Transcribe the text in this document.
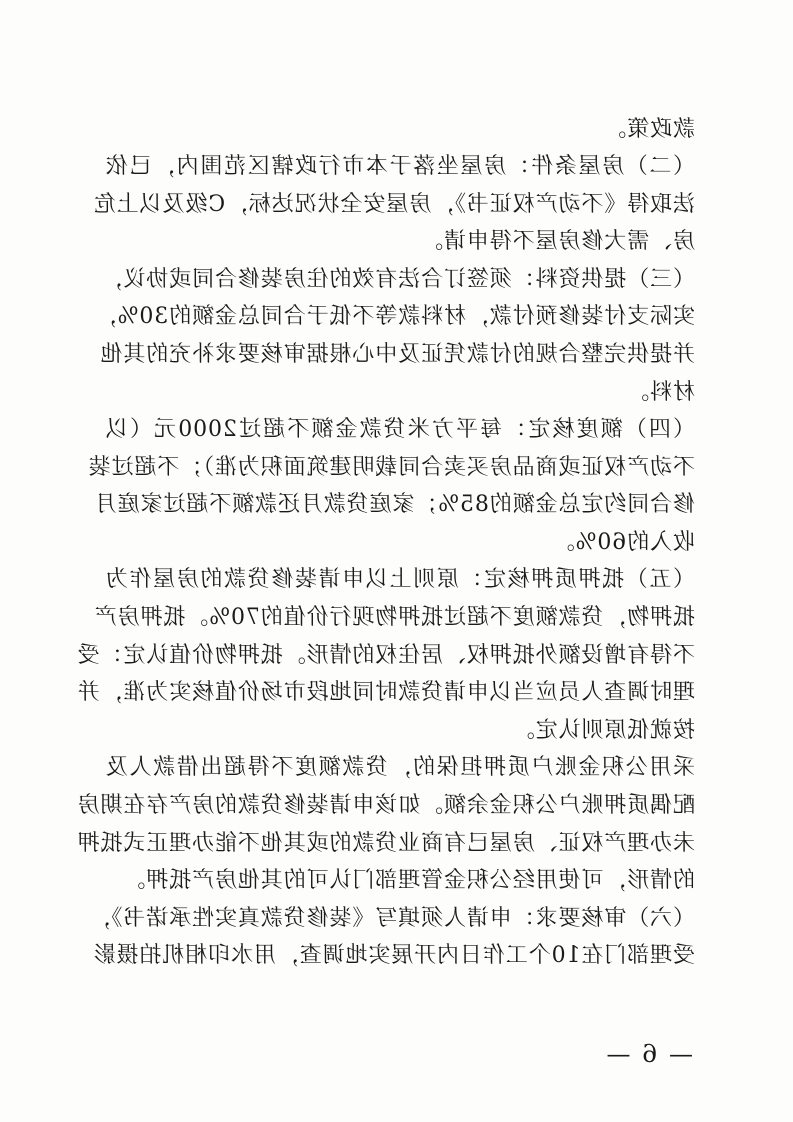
款政策。
（二）房屋条件：房屋坐落于本市行政辖区范围内，已依
法取得《不动产权证书》，房屋安全状况达标，C级及以上危
房、需大修房屋不得申请。
（三）提供资料：须签订合法有效的住房装修合同或协议，
实际支付装修预付款，材料款等不低于合同总金额的30%，
并提供完整合规的付款凭证及中心根据审核要求补充的其他
材料。
（四）额度核定：每平方米贷款金额不超过2000元（以
不动产权证或商品房买卖合同载明建筑面积为准）；不超过装
修合同约定总金额的85%；家庭贷款月还款额不超过家庭月
收入的60%。
（五）抵押质押核定：原则上以申请装修贷款的房屋作为
抵押物，贷款额度不超过抵押物现行价值的70%。抵押房产
不得有增设额外抵押权、居住权的情形。抵押物价值认定：受
理时调查人员应当以申请贷款时同地段市场价值核实为准，并
按就低原则认定。
采用公积金账户质押担保的，贷款额度不得超出借款人及
配偶质押账户公积金余额。如该申请装修贷款的房产存在期房
未办理产权证、房屋已有商业贷款的或其他不能办理正式抵押
的情形，可使用经公积金管理部门认可的其他房产抵押。
（六）审核要求：申请人须填写《装修贷款真实性承诺书》，
受理部门在10个工作日内开展实地调查，用水印相机拍摄影
— 6 —
